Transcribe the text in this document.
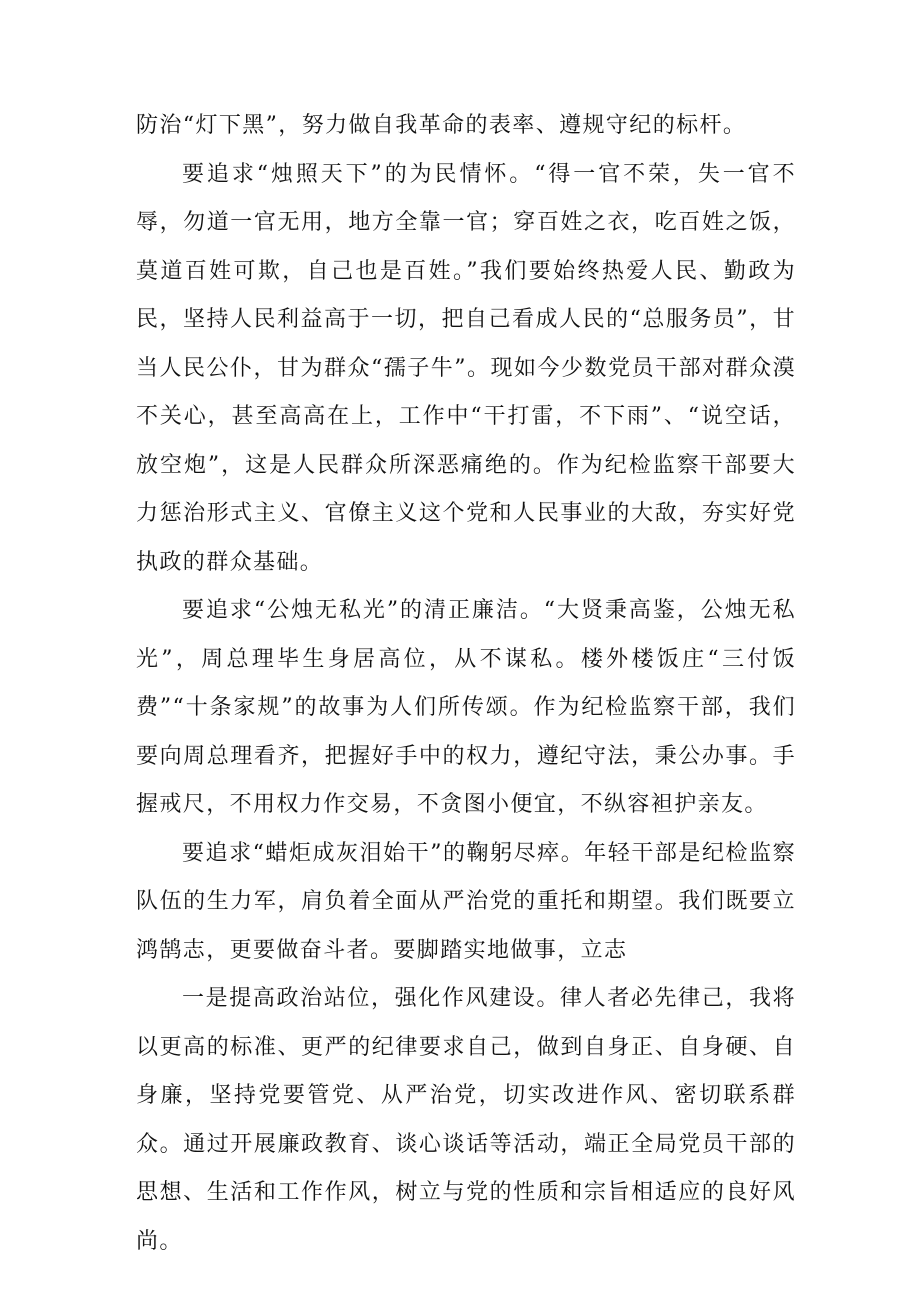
防治“灯下黑”，努力做自我革命的表率、遵规守纪的标杆。

要追求“烛照天下”的为民情怀。“得一官不荣，失一官不辱，勿道一官无用，地方全靠一官；穿百姓之衣，吃百姓之饭，莫道百姓可欺，自己也是百姓。”我们要始终热爱人民、勤政为民，坚持人民利益高于一切，把自己看成人民的“总服务员”，甘当人民公仆，甘为群众“孺子牛”。现如今少数党员干部对群众漠不关心，甚至高高在上，工作中“干打雷，不下雨”、“说空话，放空炮”，这是人民群众所深恶痛绝的。作为纪检监察干部要大力惩治形式主义、官僚主义这个党和人民事业的大敌，夯实好党执政的群众基础。

要追求“公烛无私光”的清正廉洁。“大贤秉高鉴，公烛无私光”，周总理毕生身居高位，从不谋私。楼外楼饭庄“三付饭费”“十条家规”的故事为人们所传颂。作为纪检监察干部，我们要向周总理看齐，把握好手中的权力，遵纪守法，秉公办事。手握戒尺，不用权力作交易，不贪图小便宜，不纵容袒护亲友。

要追求“蜡炬成灰泪始干”的鞠躬尽瘁。年轻干部是纪检监察队伍的生力军，肩负着全面从严治党的重托和期望。我们既要立鸿鹄志，更要做奋斗者。要脚踏实地做事，立志

一是提高政治站位，强化作风建设。律人者必先律己，我将以更高的标准、更严的纪律要求自己，做到自身正、自身硬、自身廉，坚持党要管党、从严治党，切实改进作风、密切联系群众。通过开展廉政教育、谈心谈话等活动，端正全局党员干部的思想、生活和工作作风，树立与党的性质和宗旨相适应的良好风尚。
